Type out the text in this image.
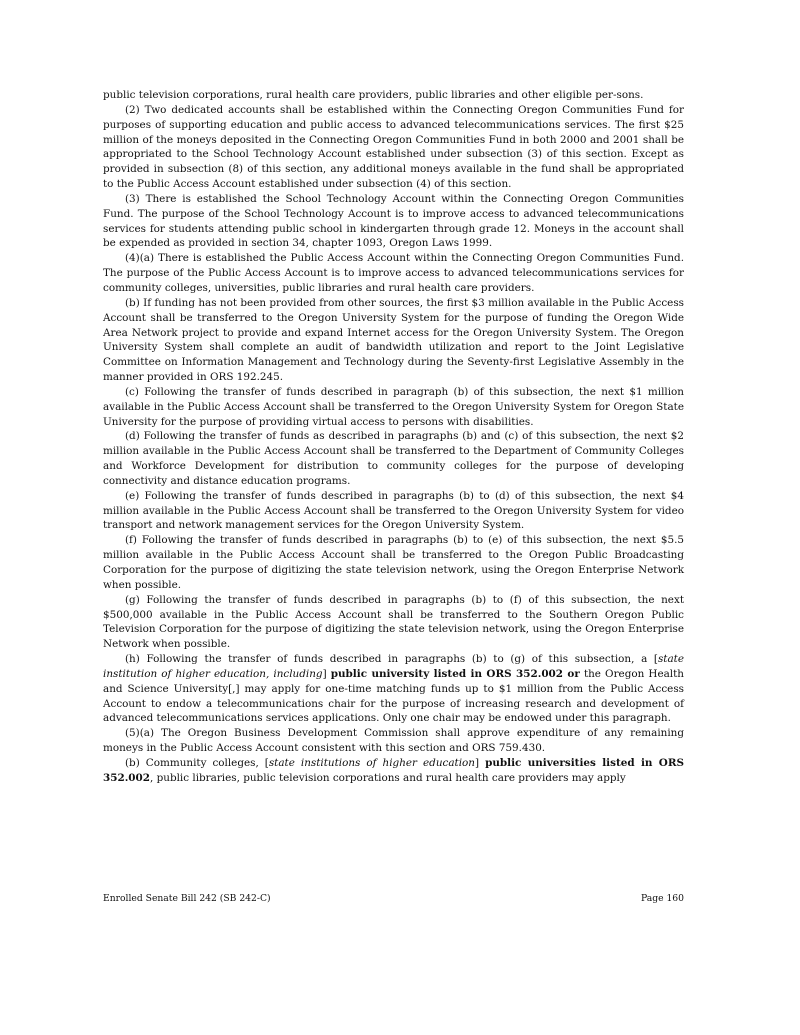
public television corporations, rural health care providers, public libraries and other eligible per-sons.

(2) Two dedicated accounts shall be established within the Connecting Oregon Communities Fund for purposes of supporting education and public access to advanced telecommunications services. The first $25 million of the moneys deposited in the Connecting Oregon Communities Fund in both 2000 and 2001 shall be appropriated to the School Technology Account established under subsection (3) of this section. Except as provided in subsection (8) of this section, any additional moneys available in the fund shall be appropriated to the Public Access Account established under subsection (4) of this section.

(3) There is established the School Technology Account within the Connecting Oregon Communities Fund. The purpose of the School Technology Account is to improve access to advanced telecommunications services for students attending public school in kindergarten through grade 12. Moneys in the account shall be expended as provided in section 34, chapter 1093, Oregon Laws 1999.

(4)(a) There is established the Public Access Account within the Connecting Oregon Communities Fund. The purpose of the Public Access Account is to improve access to advanced telecommunications services for community colleges, universities, public libraries and rural health care providers.

(b) If funding has not been provided from other sources, the first $3 million available in the Public Access Account shall be transferred to the Oregon University System for the purpose of funding the Oregon Wide Area Network project to provide and expand Internet access for the Oregon University System. The Oregon University System shall complete an audit of bandwidth utilization and report to the Joint Legislative Committee on Information Management and Technology during the Seventy-first Legislative Assembly in the manner provided in ORS 192.245.

(c) Following the transfer of funds described in paragraph (b) of this subsection, the next $1 million available in the Public Access Account shall be transferred to the Oregon University System for Oregon State University for the purpose of providing virtual access to persons with disabilities.

(d) Following the transfer of funds as described in paragraphs (b) and (c) of this subsection, the next $2 million available in the Public Access Account shall be transferred to the Department of Community Colleges and Workforce Development for distribution to community colleges for the purpose of developing connectivity and distance education programs.

(e) Following the transfer of funds described in paragraphs (b) to (d) of this subsection, the next $4 million available in the Public Access Account shall be transferred to the Oregon University System for video transport and network management services for the Oregon University System.

(f) Following the transfer of funds described in paragraphs (b) to (e) of this subsection, the next $5.5 million available in the Public Access Account shall be transferred to the Oregon Public Broadcasting Corporation for the purpose of digitizing the state television network, using the Oregon Enterprise Network when possible.

(g) Following the transfer of funds described in paragraphs (b) to (f) of this subsection, the next $500,000 available in the Public Access Account shall be transferred to the Southern Oregon Public Television Corporation for the purpose of digitizing the state television network, using the Oregon Enterprise Network when possible.

(h) Following the transfer of funds described in paragraphs (b) to (g) of this subsection, a [state institution of higher education, including] public university listed in ORS 352.002 or the Oregon Health and Science University[,] may apply for one-time matching funds up to $1 million from the Public Access Account to endow a telecommunications chair for the purpose of increasing research and development of advanced telecommunications services applications. Only one chair may be endowed under this paragraph.

(5)(a) The Oregon Business Development Commission shall approve expenditure of any remaining moneys in the Public Access Account consistent with this section and ORS 759.430.

(b) Community colleges, [state institutions of higher education] public universities listed in ORS 352.002, public libraries, public television corporations and rural health care providers may apply

Enrolled Senate Bill 242 (SB 242-C)	Page 160
